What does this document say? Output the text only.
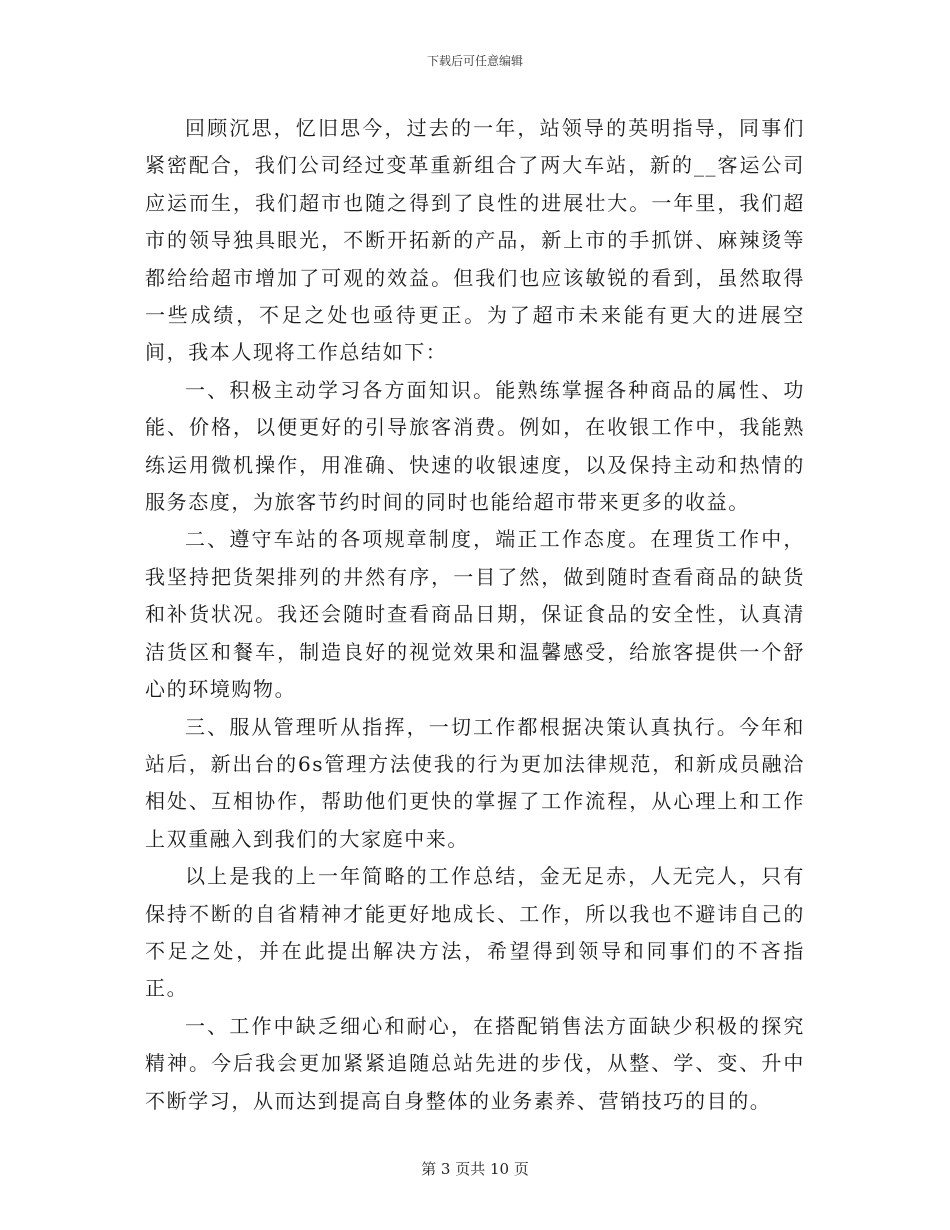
下载后可任意编辑

回顾沉思，忆旧思今，过去的一年，站领导的英明指导，同事们紧密配合，我们公司经过变革重新组合了两大车站，新的__客运公司应运而生，我们超市也随之得到了良性的进展壮大。一年里，我们超市的领导独具眼光，不断开拓新的产品，新上市的手抓饼、麻辣烫等都给给超市增加了可观的效益。但我们也应该敏锐的看到，虽然取得一些成绩，不足之处也亟待更正。为了超市未来能有更大的进展空间，我本人现将工作总结如下：

一、积极主动学习各方面知识。能熟练掌握各种商品的属性、功能、价格，以便更好的引导旅客消费。例如，在收银工作中，我能熟练运用微机操作，用准确、快速的收银速度，以及保持主动和热情的服务态度，为旅客节约时间的同时也能给超市带来更多的收益。

二、遵守车站的各项规章制度，端正工作态度。在理货工作中，我坚持把货架排列的井然有序，一目了然，做到随时查看商品的缺货和补货状况。我还会随时查看商品日期，保证食品的安全性，认真清洁货区和餐车，制造良好的视觉效果和温馨感受，给旅客提供一个舒心的环境购物。

三、服从管理听从指挥，一切工作都根据决策认真执行。今年和站后，新出台的6s管理方法使我的行为更加法律规范，和新成员融洽相处、互相协作，帮助他们更快的掌握了工作流程，从心理上和工作上双重融入到我们的大家庭中来。

以上是我的上一年简略的工作总结，金无足赤，人无完人，只有保持不断的自省精神才能更好地成长、工作，所以我也不避讳自己的不足之处，并在此提出解决方法，希望得到领导和同事们的不吝指正。

一、工作中缺乏细心和耐心，在搭配销售法方面缺少积极的探究精神。今后我会更加紧紧追随总站先进的步伐，从整、学、变、升中不断学习，从而达到提高自身整体的业务素养、营销技巧的目的。

第 3 页共 10 页
